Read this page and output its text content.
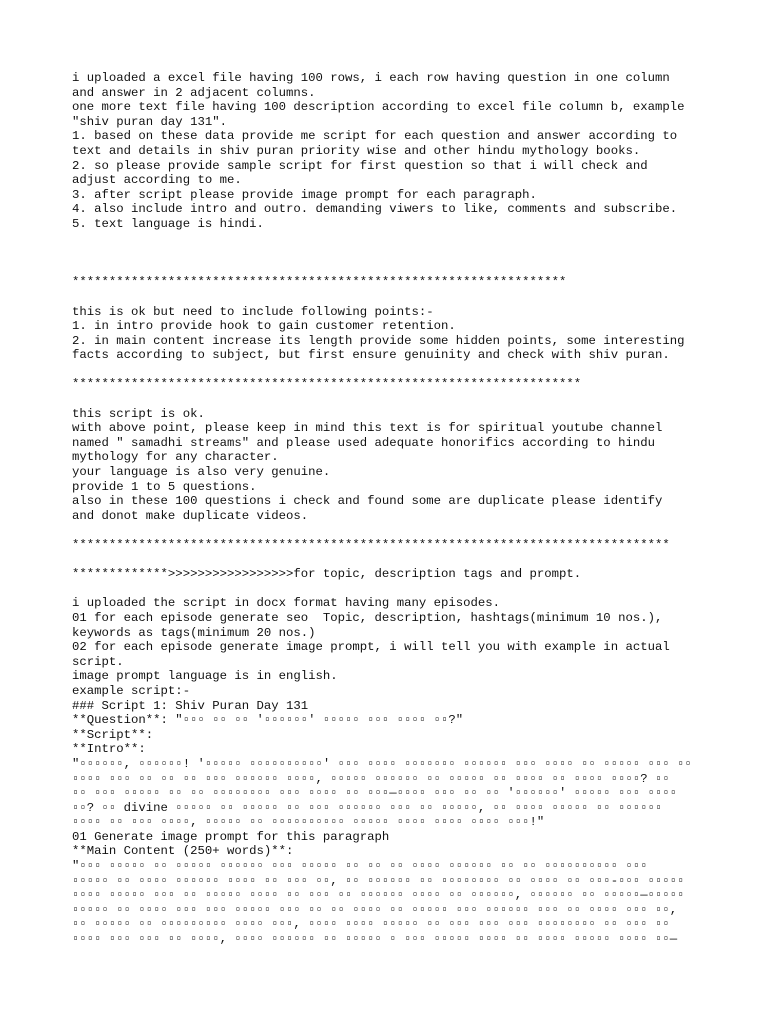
i uploaded a excel file having 100 rows, i each row having question in one column
and answer in 2 adjacent columns.
one more text file having 100 description according to excel file column b, example
"shiv puran day 131".
1. based on these data provide me script for each question and answer according to
text and details in shiv puran priority wise and other hindu mythology books.
2. so please provide sample script for first question so that i will check and
adjust according to me.
3. after script please provide image prompt for each paragraph.
4. also include intro and outro. demanding viwers to like, comments and subscribe.
5. text language is hindi.
*******************************************************************
this is ok but need to include following points:-
1. in intro provide hook to gain customer retention.
2. in main content increase its length provide some hidden points, some interesting
facts according to subject, but first ensure genuinity and check with shiv puran.
*********************************************************************
this script is ok.
with above point, please keep in mind this text is for spiritual youtube channel
named " samadhi streams" and please used adequate honorifics according to hindu
mythology for any character.
your language is also very genuine.
provide 1 to 5 questions.
also in these 100 questions i check and found some are duplicate please identify
and donot make duplicate videos.
*********************************************************************************
*************>>>>>>>>>>>>>>>>>for topic, description tags and prompt.
i uploaded the script in docx format having many episodes.
01 for each episode generate seo  Topic, description, hashtags(minimum 10 nos.),
keywords as tags(minimum 20 nos.)
02 for each episode generate image prompt, i will tell you with example in actual
script.
image prompt language is in english.
example script:-
### Script 1: Shiv Puran Day 131
**Question**: "▫▫▫ ▫▫ ▫▫ '▫▫▫▫▫▫' ▫▫▫▫▫ ▫▫▫ ▫▫▫▫ ▫▫?"
**Script**:
**Intro**:
"▫▫▫▫▫▫, ▫▫▫▫▫▫! '▫▫▫▫▫ ▫▫▫▫▫▫▫▫▫▫' ▫▫▫ ▫▫▫▫ ▫▫▫▫▫▫▫ ▫▫▫▫▫▫ ▫▫▫ ▫▫▫▫ ▫▫ ▫▫▫▫▫ ▫▫▫ ▫▫
▫▫▫▫ ▫▫▫ ▫▫ ▫▫ ▫▫ ▫▫▫ ▫▫▫▫▫▫ ▫▫▫▫, ▫▫▫▫▫ ▫▫▫▫▫▫ ▫▫ ▫▫▫▫▫ ▫▫ ▫▫▫▫ ▫▫ ▫▫▫▫ ▫▫▫▫? ▫▫
▫▫ ▫▫▫ ▫▫▫▫▫ ▫▫ ▫▫ ▫▫▫▫▫▫▫▫ ▫▫▫ ▫▫▫▫ ▫▫ ▫▫▫—▫▫▫▫ ▫▫▫ ▫▫ ▫▫ '▫▫▫▫▫▫' ▫▫▫▫▫ ▫▫▫ ▫▫▫▫
▫▫? ▫▫ divine ▫▫▫▫▫ ▫▫ ▫▫▫▫▫ ▫▫ ▫▫▫ ▫▫▫▫▫▫ ▫▫▫ ▫▫ ▫▫▫▫▫, ▫▫ ▫▫▫▫ ▫▫▫▫▫ ▫▫ ▫▫▫▫▫▫
▫▫▫▫ ▫▫ ▫▫▫ ▫▫▫▫, ▫▫▫▫▫ ▫▫ ▫▫▫▫▫▫▫▫▫▫ ▫▫▫▫▫ ▫▫▫▫ ▫▫▫▫ ▫▫▫▫ ▫▫▫!"
01 Generate image prompt for this paragraph
**Main Content (250+ words)**:
"▫▫▫ ▫▫▫▫▫ ▫▫ ▫▫▫▫▫ ▫▫▫▫▫▫ ▫▫▫ ▫▫▫▫▫ ▫▫ ▫▫ ▫▫ ▫▫▫▫ ▫▫▫▫▫▫ ▫▫ ▫▫ ▫▫▫▫▫▫▫▫▫▫ ▫▫▫
▫▫▫▫▫ ▫▫ ▫▫▫▫ ▫▫▫▫▫▫ ▫▫▫▫ ▫▫ ▫▫▫ ▫▫, ▫▫ ▫▫▫▫▫▫ ▫▫ ▫▫▫▫▫▫▫▫ ▫▫ ▫▫▫▫ ▫▫ ▫▫▫-▫▫▫ ▫▫▫▫▫
▫▫▫▫ ▫▫▫▫▫ ▫▫▫ ▫▫ ▫▫▫▫▫ ▫▫▫▫ ▫▫ ▫▫▫ ▫▫ ▫▫▫▫▫▫ ▫▫▫▫ ▫▫ ▫▫▫▫▫▫, ▫▫▫▫▫▫ ▫▫ ▫▫▫▫▫—▫▫▫▫▫
▫▫▫▫▫ ▫▫ ▫▫▫▫ ▫▫▫ ▫▫▫ ▫▫▫▫▫ ▫▫▫ ▫▫ ▫▫ ▫▫▫▫ ▫▫ ▫▫▫▫▫ ▫▫▫ ▫▫▫▫▫▫ ▫▫▫ ▫▫ ▫▫▫▫ ▫▫▫ ▫▫,
▫▫ ▫▫▫▫▫ ▫▫ ▫▫▫▫▫▫▫▫▫ ▫▫▫▫ ▫▫▫, ▫▫▫▫ ▫▫▫▫ ▫▫▫▫▫ ▫▫ ▫▫▫ ▫▫▫ ▫▫▫ ▫▫▫▫▫▫▫▫ ▫▫ ▫▫▫ ▫▫
▫▫▫▫ ▫▫▫ ▫▫▫ ▫▫ ▫▫▫▫, ▫▫▫▫ ▫▫▫▫▫▫ ▫▫ ▫▫▫▫▫ ▫ ▫▫▫ ▫▫▫▫▫ ▫▫▫▫ ▫▫ ▫▫▫▫ ▫▫▫▫▫ ▫▫▫▫ ▫▫—
